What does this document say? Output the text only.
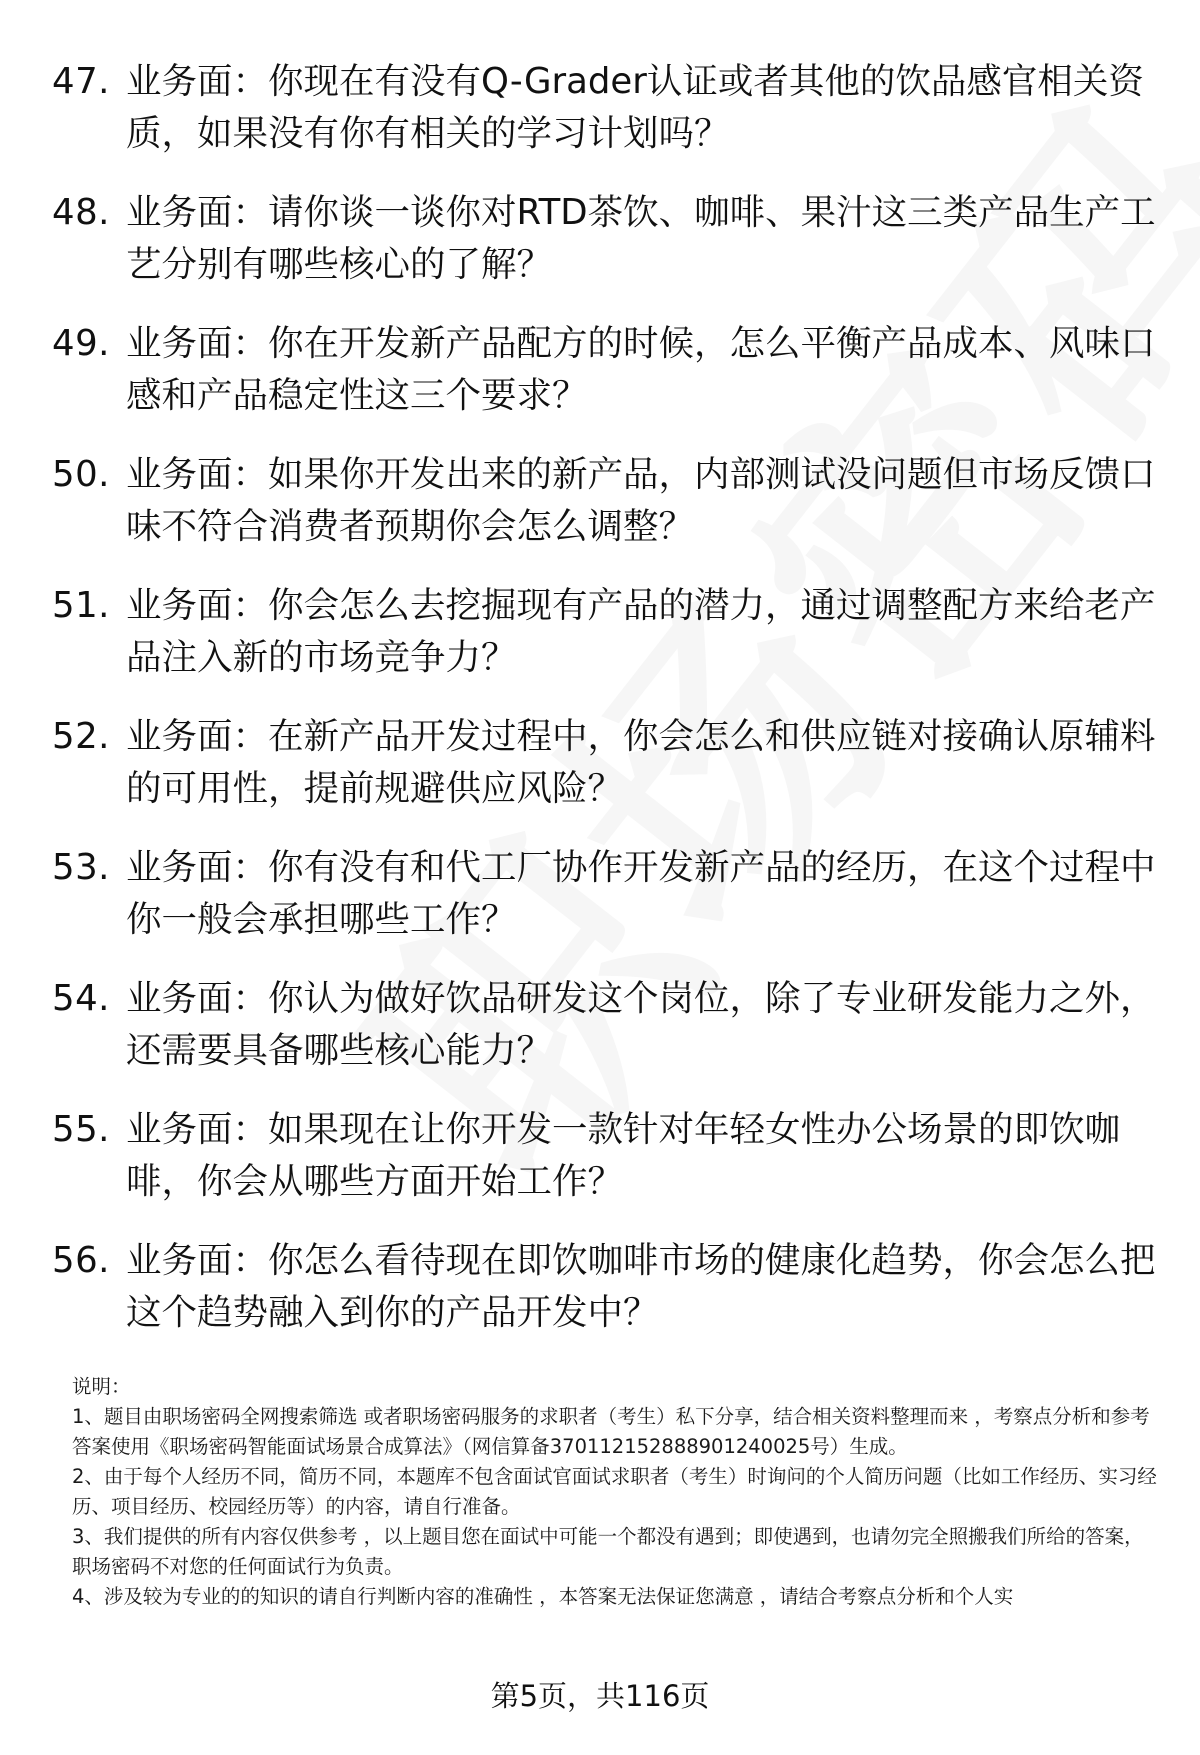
47. 业务面：你现在有没有Q-Grader认证或者其他的饮品感官相关资质，如果没有你有相关的学习计划吗？
48. 业务面：请你谈一谈你对RTD茶饮、咖啡、果汁这三类产品生产工艺分别有哪些核心的了解？
49. 业务面：你在开发新产品配方的时候，怎么平衡产品成本、风味口感和产品稳定性这三个要求？
50. 业务面：如果你开发出来的新产品，内部测试没问题但市场反馈口味不符合消费者预期你会怎么调整？
51. 业务面：你会怎么去挖掘现有产品的潜力，通过调整配方来给老产品注入新的市场竞争力？
52. 业务面：在新产品开发过程中，你会怎么和供应链对接确认原辅料的可用性，提前规避供应风险？
53. 业务面：你有没有和代工厂协作开发新产品的经历，在这个过程中你一般会承担哪些工作？
54. 业务面：你认为做好饮品研发这个岗位，除了专业研发能力之外，还需要具备哪些核心能力？
55. 业务面：如果现在让你开发一款针对年轻女性办公场景的即饮咖啡，你会从哪些方面开始工作？
56. 业务面：你怎么看待现在即饮咖啡市场的健康化趋势，你会怎么把这个趋势融入到你的产品开发中？

说明：

1、题目由职场密码全网搜索筛选 或者职场密码服务的求职者（考生）私下分享，结合相关资料整理而来 ，考察点分析和参考答案使用《职场密码智能面试场景合成算法》（网信算备370112152888901240025号）生成。

2、由于每个人经历不同，简历不同，本题库不包含面试官面试求职者（考生）时询问的个人简历问题（比如工作经历、实习经历、项目经历、校园经历等）的内容，请自行准备。

3、我们提供的所有内容仅供参考 ，以上题目您在面试中可能一个都没有遇到；即使遇到，也请勿完全照搬我们所给的答案，职场密码不对您的任何面试行为负责。

4、涉及较为专业的的知识的请自行判断内容的准确性 ，本答案无法保证您满意 ，请结合考察点分析和个人实

第5页，共116页
